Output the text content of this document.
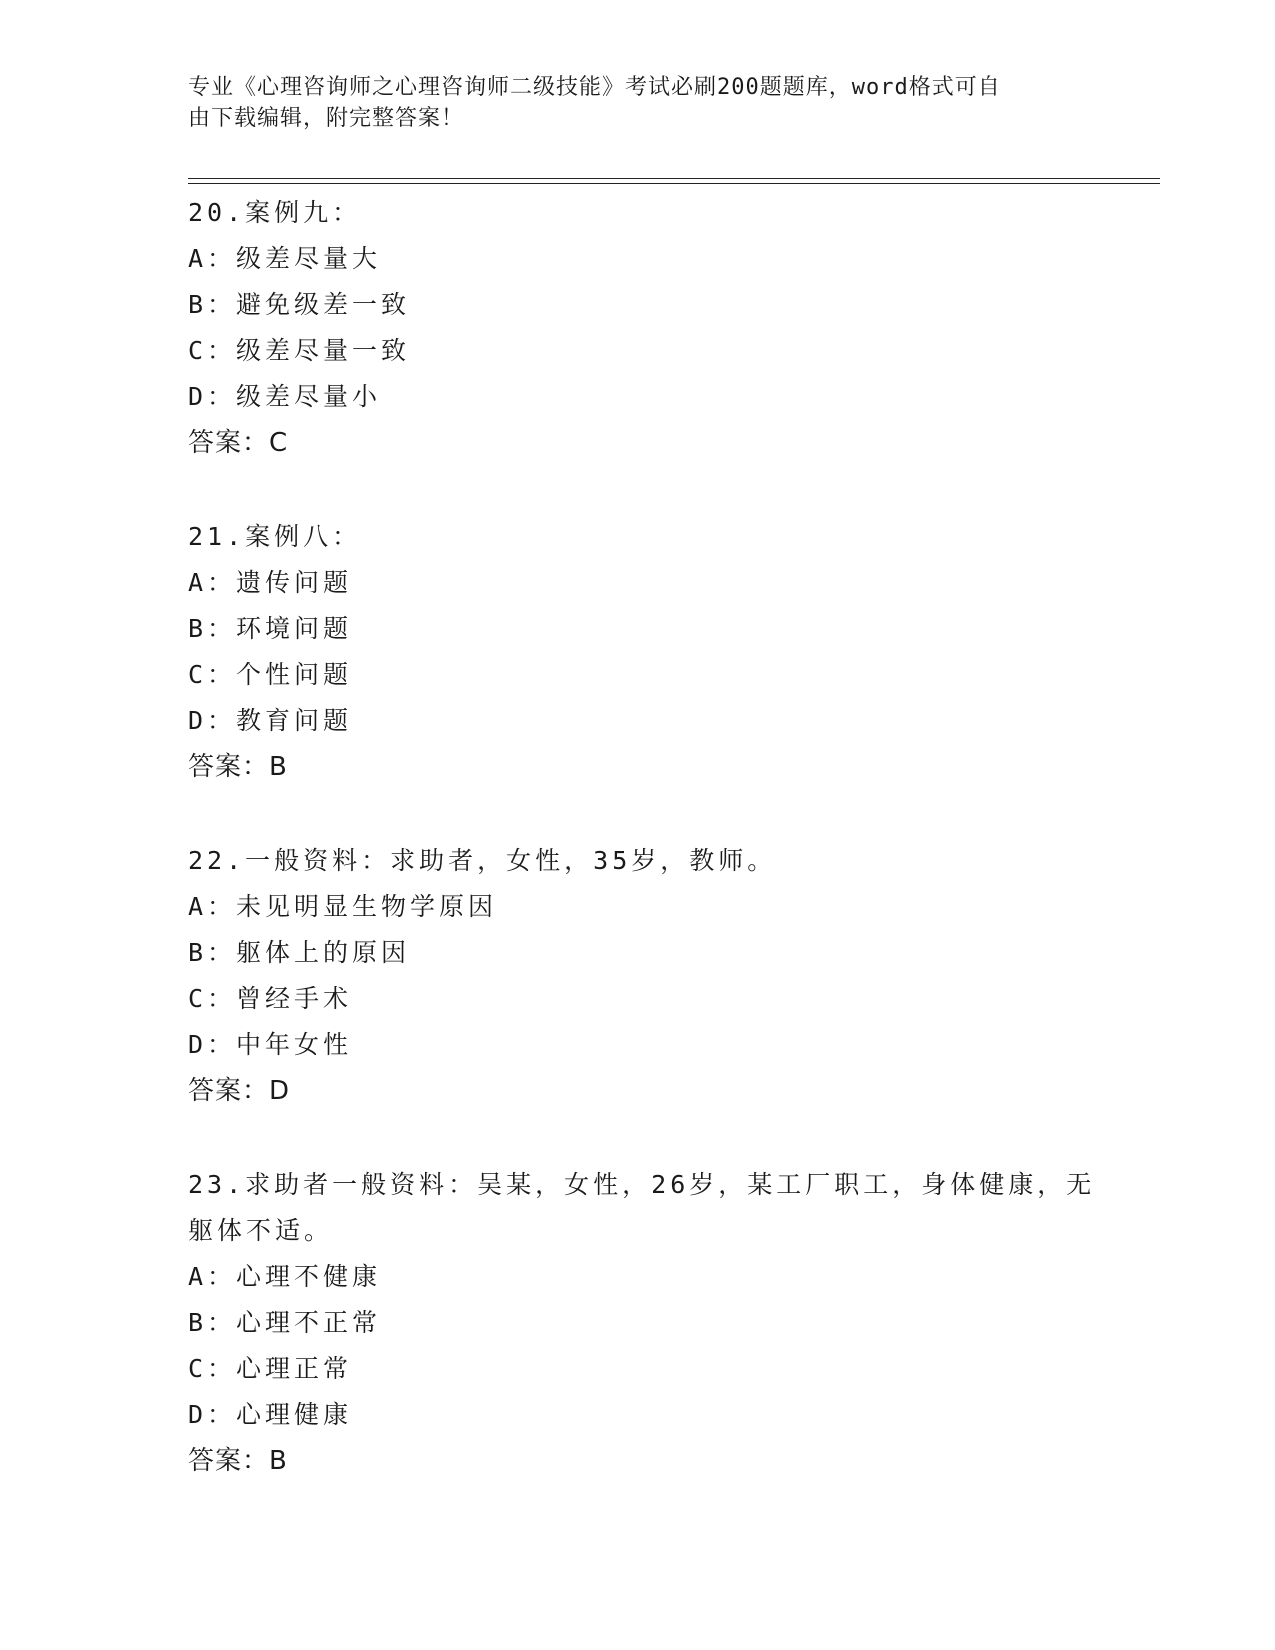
专业《心理咨询师之心理咨询师二级技能》考试必刷200题题库，word格式可自
由下载编辑，附完整答案！
20.案例九：
A：级差尽量大
B：避免级差一致
C：级差尽量一致
D：级差尽量小
答案：C
21.案例八：
A：遗传问题
B：环境问题
C：个性问题
D：教育问题
答案：B
22.一般资料：求助者，女性，35岁，教师。
A：未见明显生物学原因
B：躯体上的原因
C：曾经手术
D：中年女性
答案：D
23.求助者一般资料：吴某，女性，26岁，某工厂职工，身体健康，无躯体不适。
A：心理不健康
B：心理不正常
C：心理正常
D：心理健康
答案：B
